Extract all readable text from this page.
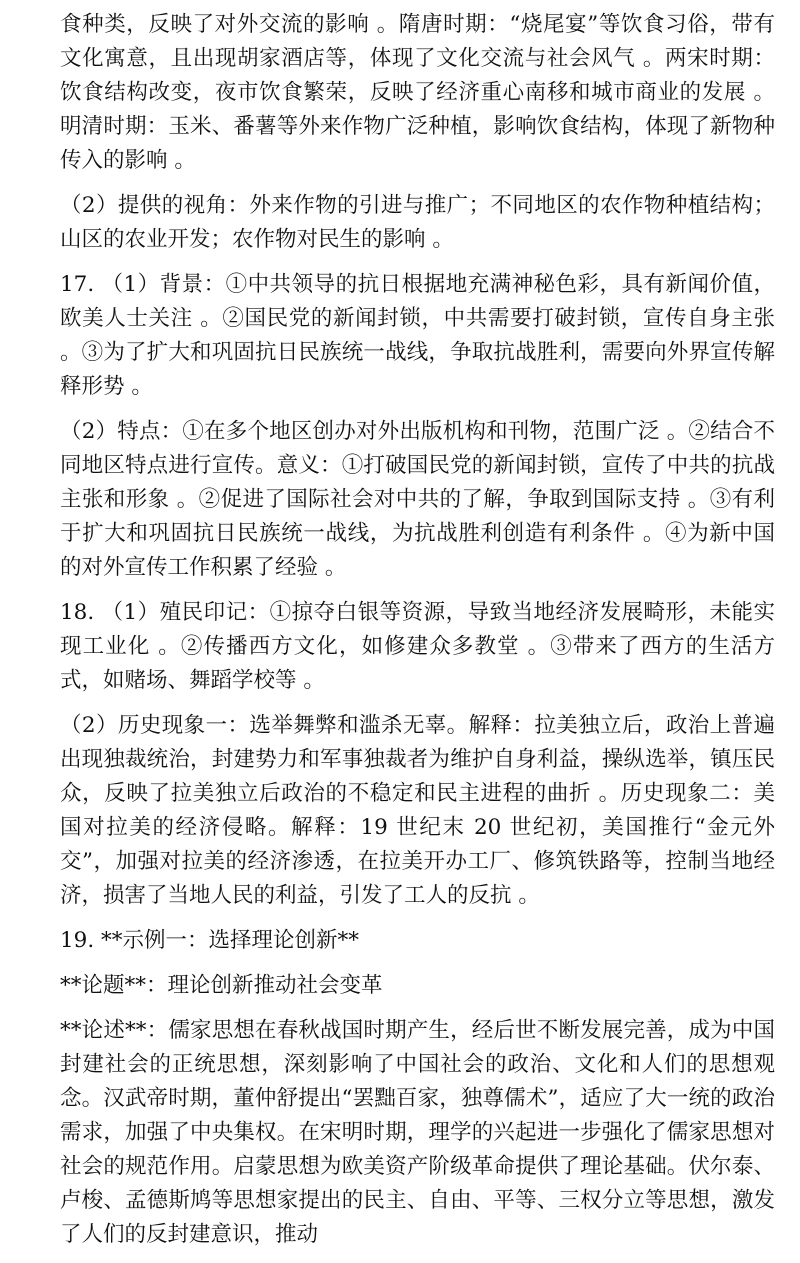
食种类，反映了对外交流的影响 。隋唐时期：“烧尾宴”等饮食习俗，带有文化寓意，且出现胡家酒店等，体现了文化交流与社会风气 。两宋时期：饮食结构改变，夜市饮食繁荣，反映了经济重心南移和城市商业的发展 。明清时期：玉米、番薯等外来作物广泛种植，影响饮食结构，体现了新物种传入的影响 。

（2）提供的视角：外来作物的引进与推广；不同地区的农作物种植结构；山区的农业开发；农作物对民生的影响 。

17. （1）背景：①中共领导的抗日根据地充满神秘色彩，具有新闻价值，欧美人士关注 。②国民党的新闻封锁，中共需要打破封锁，宣传自身主张 。③为了扩大和巩固抗日民族统一战线，争取抗战胜利，需要向外界宣传解释形势 。

（2）特点：①在多个地区创办对外出版机构和刊物，范围广泛 。②结合不同地区特点进行宣传。意义：①打破国民党的新闻封锁，宣传了中共的抗战主张和形象 。②促进了国际社会对中共的了解，争取到国际支持 。③有利于扩大和巩固抗日民族统一战线，为抗战胜利创造有利条件 。④为新中国的对外宣传工作积累了经验 。

18. （1）殖民印记：①掠夺白银等资源，导致当地经济发展畸形，未能实现工业化 。②传播西方文化，如修建众多教堂 。③带来了西方的生活方式，如赌场、舞蹈学校等 。

（2）历史现象一：选举舞弊和滥杀无辜。解释：拉美独立后，政治上普遍出现独裁统治，封建势力和军事独裁者为维护自身利益，操纵选举，镇压民众，反映了拉美独立后政治的不稳定和民主进程的曲折 。历史现象二：美国对拉美的经济侵略。解释：19 世纪末 20 世纪初，美国推行“金元外交”，加强对拉美的经济渗透，在拉美开办工厂、修筑铁路等，控制当地经济，损害了当地人民的利益，引发了工人的反抗 。

19. **示例一：选择理论创新**

**论题**：理论创新推动社会变革

**论述**：儒家思想在春秋战国时期产生，经后世不断发展完善，成为中国封建社会的正统思想，深刻影响了中国社会的政治、文化和人们的思想观念。汉武帝时期，董仲舒提出“罢黜百家，独尊儒术”，适应了大一统的政治需求，加强了中央集权。在宋明时期，理学的兴起进一步强化了儒家思想对社会的规范作用。启蒙思想为欧美资产阶级革命提供了理论基础。伏尔泰、卢梭、孟德斯鸠等思想家提出的民主、自由、平等、三权分立等思想，激发了人们的反封建意识，推动
